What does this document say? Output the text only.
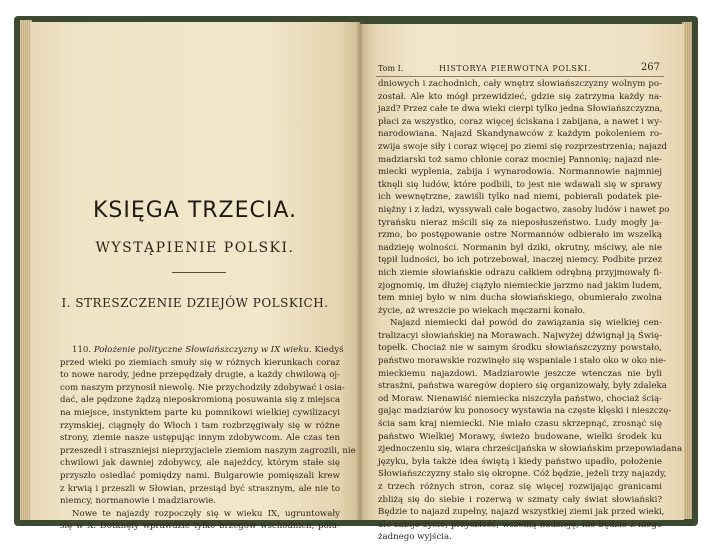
KSIĘGA TRZECIA.
WYSTĄPIENIE POLSKI.
I. STRESZCZENIE DZIEJÓW POLSKICH.
110. Położenie polityczne Słowiańszczyzny w IX wieku. Kiedyś
przed wieki po ziemiach smuły się w różnych kierunkach coraz
to nowe narody, jedne przepędzały drugie, a każdy chwilową oj-
com naszym przynosił niewolę. Nie przychodziły zdobywać i osia-
dać, ale pędzone żądzą nieposkromioną posuwania się z miejsca
na miejsce, instynktem parte ku pomnikowi wielkiej cywilizacyi
rzymskiej, ciągnęły do Włoch i tam rozbrzęgiwały się w różne
strony, ziemie nasze ustępując innym zdobywcom. Ale czas ten
przeszedł i straszniejsi nieprzyjaciele ziemiom naszym zagrozili, nie
chwilowi jak dawniej zdobywcy, ale najeźdcy, którym stałe się
przyszło osiedlać pomiędzy nami. Bulgarowie pomięszali krew
z krwią i przeszli w Słowian, przesiąd być strasznym, ale nie to
niemcy, normanowie i madziarowie.
Nowe te najazdy rozpoczęły się w wieku IX, ugruntowały
się w X. Dotknęły wprawdzie tylko brzegów wschodnich, półu-
Tom I.	HISTORYA PIERWOTNA POLSKI.	267
dniowych i zachodnich, cały wnętrz słowiańszczyzny wolnym po-
został. Ale kto mógł przewidzieć, gdzie się zatrzyma każdy na-
jazd? Przez całe te dwa wieki cierpi tylko jedna Słowiańszczyzna,
płaci za wszystko, coraz więcej ściskana i zabijana, a nawet i wy-
narodowiana. Najazd Skandynawców z każdym pokoleniem ro-
zwija swoje siły i coraz więcej po ziemi się rozprzestrzenia; najazd
madziarski toż samo chłonie coraz mocniej Pannonię; najazd nie-
miecki wyplenia, zabija i wynarodowia. Normannowie najmniej
tknęli się ludów, które podbili, to jest nie wdawali się w sprawy
ich wewnętrzne, zawiśli tylko nad niemi, pobierali podatek pie-
niężny i z ładzi, wyssywali całe bogactwo, zasoby ludów i nawet po
tyrańsku nieraz mścili się za nieposłuszeństwo. Ludy mogły ja-
rzmo, bo postępowanie ostre Normannów odbierało im wszelką
nadzieję wolności. Normanin był dziki, okrutny, mściwy, ale nie
tępił ludności, bo ich potrzebował, inaczej niemcy. Podbite przez
nich ziemie słowiańskie odrazu całkiem odrębną przyjmowały fi-
zjognomię, im dłużej ciążyło niemieckie jarzmo nad jakim ludem,
tem mniej było w nim ducha słowiańskiego, obumierało zwolna
życie, aż wreszcie po wiekach męczarni konało.
Najazd niemiecki dał powód do zawiązania się wielkiej cen-
tralizacyi słowiańskiej na Morawach. Najwyżej dźwignął ją Świę-
topełk. Chociaż nie w samym środku słowiańszczyzny powstało,
państwo morawskie rozwinęło się wspaniale i stało oko w oko nie-
mieckiemu najazdowi. Madziarowie jeszcze wtenczas nie byli
strasżni, państwa waregów dopiero się organizowały, były zdaleka
od Moraw. Nienawiść niemiecka niszczyła państwo, chociaż ścią-
gając madziarów ku ponosocy wystawia na częste klęski i nieszczę-
ścia sam kraj niemiecki. Nie miało czasu skrzepnąć, zrosnąć się
państwo Wielkiej Morawy, świeżo budowane, wielki środek ku
zjednoczeniu się, wiara chrześcijańska w słowiańskim przepowiadana
języku, była także idea świętą i kiedy państwo upadło, położenie
Słowiańszczyzny stało się okropne. Cóż będzie, jeżeli trzy najazdy,
z trzech różnych stron, coraz się więcej rozwijając granicami
zbliżą się do siebie i rozerwą w szmaty cały świat słowiański?
Będzie to najazd zupełny, najazd wszystkiej ziemi jak przed wieki,
ale zabije życie, przyszłość, wszelką nadzieję, nie będzie z niego
żadnego wyjścia.
